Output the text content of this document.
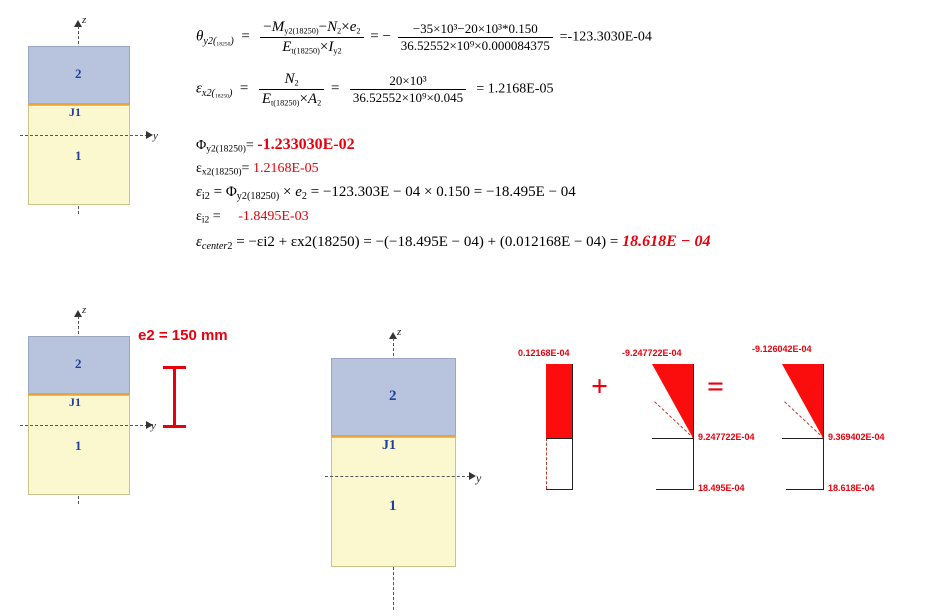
z
2
J1
1
y
$\theta_{y2(18250)} = \frac{-My2(18250)-N2\times e2}{Et(18250)\times Iy2}$ = − $\frac{\text{−35×10³−20×10³*0.150}}{\text{36.52552×10⁹×0.000084375}} =-123.3030E-04$
$\varepsilon_{x2(18250)} = \frac{N2}{Et(18250)\times A2} = \frac{\text{20×10³}}{\text{36.52552×10⁹×0.045}} = 1.2168E-05$
$\Phi_{y2(18250)}= -1.233030E-02$
$\varepsilon_{x2(18250)}= 1.2168E-05$
$\varepsilon_{i2} = \Phi_{y2(18250)} \times e_2 = -123.303E - 04 \times 0.150 = -18.495E - 04$
$\varepsilon_{i2} = -1.8495E-03$
$\varepsilon_{center2} = -\varepsilon i2 + \varepsilon x2(18250) = -(-18.495E - 04) + (0.012168E - 04) = 18.618E - 04$
z
2
J1
1
y
e2 = 150 mm	z
2
J1
1
y
0.12168E-04
+
-9.247722E-04
9.247722E-04
18.495E-04
=
-9.126042E-04
9.369402E-04
18.618E-04
